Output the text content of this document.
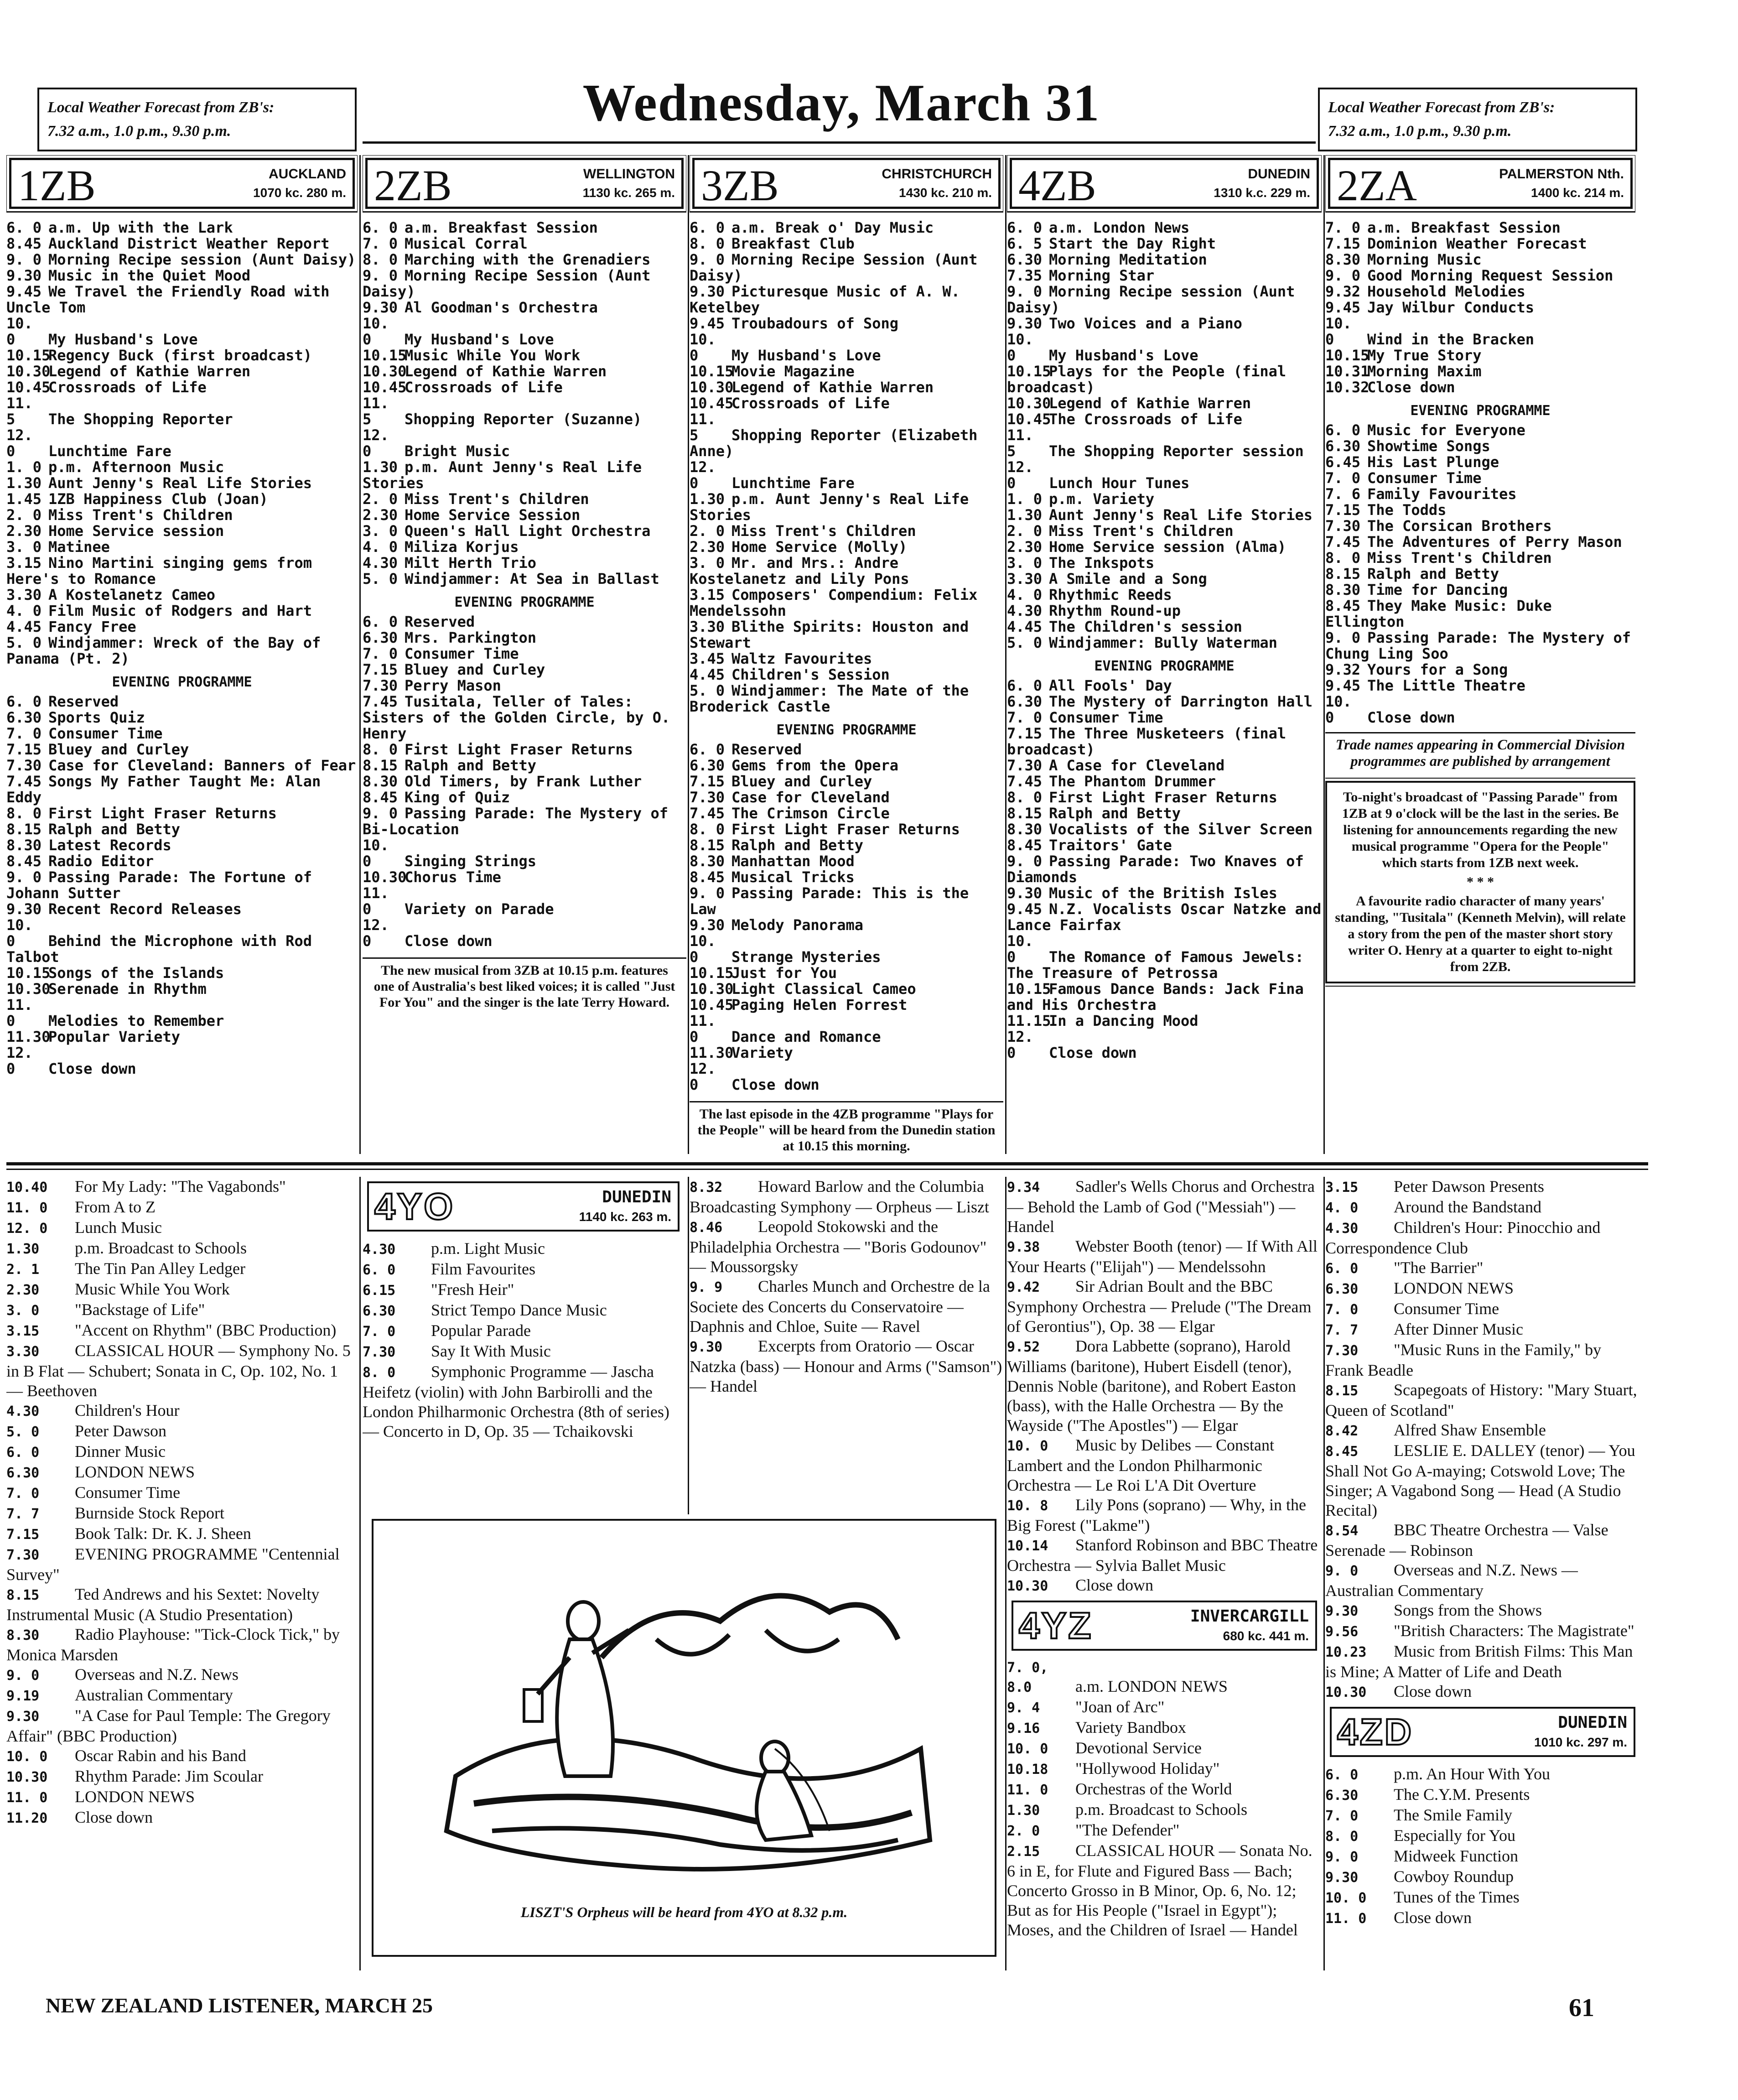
Local Weather Forecast from ZB's:
7.32 a.m., 1.0 p.m., 9.30 p.m.	Wednesday, March 31	Local Weather Forecast from ZB's:
7.32 a.m., 1.0 p.m., 9.30 p.m.
1ZB	AUCKLAND
1070 kc. 280 m.
6. 0 a.m. Up with the Lark
8.45 Auckland District Weather Report
9. 0 Morning Recipe session (Aunt Daisy)
9.30 Music in the Quiet Mood
9.45 We Travel the Friendly Road with Uncle Tom
10. 0 My Husband's Love
10.15Regency Buck (first broadcast)
10.30Legend of Kathie Warren
10.45Crossroads of Life
11. 5 The Shopping Reporter
12. 0 Lunchtime Fare
1. 0 p.m. Afternoon Music
1.30 Aunt Jenny's Real Life Stories
1.45 1ZB Happiness Club (Joan)
2. 0 Miss Trent's Children
2.30 Home Service session
3. 0 Matinee
3.15 Nino Martini singing gems from Here's to Romance
3.30 A Kostelanetz Cameo
4. 0 Film Music of Rodgers and Hart
4.45 Fancy Free
5. 0 Windjammer: Wreck of the Bay of Panama (Pt. 2)
EVENING PROGRAMME
6. 0 Reserved
6.30 Sports Quiz
7. 0 Consumer Time
7.15 Bluey and Curley
7.30 Case for Cleveland: Banners of Fear
7.45 Songs My Father Taught Me: Alan Eddy
8. 0 First Light Fraser Returns
8.15 Ralph and Betty
8.30 Latest Records
8.45 Radio Editor
9. 0 Passing Parade: The Fortune of Johann Sutter
9.30 Recent Record Releases
10. 0 Behind the Microphone with Rod Talbot
10.15Songs of the Islands
10.30Serenade in Rhythm
11. 0 Melodies to Remember
11.30Popular Variety
12. 0 Close down
2ZB	WELLINGTON
1130 kc. 265 m.
6. 0 a.m. Breakfast Session
7. 0 Musical Corral
8. 0 Marching with the Grenadiers
9. 0 Morning Recipe Session (Aunt Daisy)
9.30 Al Goodman's Orchestra
10. 0 My Husband's Love
10.15Music While You Work
10.30Legend of Kathie Warren
10.45Crossroads of Life
11. 5 Shopping Reporter (Suzanne)
12. 0 Bright Music
1.30 p.m. Aunt Jenny's Real Life Stories
2. 0 Miss Trent's Children
2.30 Home Service Session
3. 0 Queen's Hall Light Orchestra
4. 0 Miliza Korjus
4.30 Milt Herth Trio
5. 0 Windjammer: At Sea in Ballast
EVENING PROGRAMME
6. 0 Reserved
6.30 Mrs. Parkington
7. 0 Consumer Time
7.15 Bluey and Curley
7.30 Perry Mason
7.45 Tusitala, Teller of Tales: Sisters of the Golden Circle, by O. Henry
8. 0 First Light Fraser Returns
8.15 Ralph and Betty
8.30 Old Timers, by Frank Luther
8.45 King of Quiz
9. 0 Passing Parade: The Mystery of Bi-Location
10. 0 Singing Strings
10.30Chorus Time
11. 0 Variety on Parade
12. 0 Close down
The new musical from 3ZB at 10.15 p.m. features one of Australia's best liked voices; it is called "Just For You" and the singer is the late Terry Howard.
3ZB	CHRISTCHURCH
1430 kc. 210 m.
6. 0 a.m. Break o' Day Music
8. 0 Breakfast Club
9. 0 Morning Recipe Session (Aunt Daisy)
9.30 Picturesque Music of A. W. Ketelbey
9.45 Troubadours of Song
10. 0 My Husband's Love
10.15Movie Magazine
10.30Legend of Kathie Warren
10.45Crossroads of Life
11. 5 Shopping Reporter (Elizabeth Anne)
12. 0 Lunchtime Fare
1.30 p.m. Aunt Jenny's Real Life Stories
2. 0 Miss Trent's Children
2.30 Home Service (Molly)
3. 0 Mr. and Mrs.: Andre Kostelanetz and Lily Pons
3.15 Composers' Compendium: Felix Mendelssohn
3.30 Blithe Spirits: Houston and Stewart
3.45 Waltz Favourites
4.45 Children's Session
5. 0 Windjammer: The Mate of the Broderick Castle
EVENING PROGRAMME
6. 0 Reserved
6.30 Gems from the Opera
7.15 Bluey and Curley
7.30 Case for Cleveland
7.45 The Crimson Circle
8. 0 First Light Fraser Returns
8.15 Ralph and Betty
8.30 Manhattan Mood
8.45 Musical Tricks
9. 0 Passing Parade: This is the Law
9.30 Melody Panorama
10. 0 Strange Mysteries
10.15Just for You
10.30Light Classical Cameo
10.45Paging Helen Forrest
11. 0 Dance and Romance
11.30Variety
12. 0 Close down
The last episode in the 4ZB programme "Plays for the People" will be heard from the Dunedin station at 10.15 this morning.
4ZB	DUNEDIN
1310 k.c. 229 m.
6. 0 a.m. London News
6. 5 Start the Day Right
6.30 Morning Meditation
7.35 Morning Star
9. 0 Morning Recipe session (Aunt Daisy)
9.30 Two Voices and a Piano
10. 0 My Husband's Love
10.15Plays for the People (final broadcast)
10.30Legend of Kathie Warren
10.45The Crossroads of Life
11. 5 The Shopping Reporter session
12. 0 Lunch Hour Tunes
1. 0 p.m. Variety
1.30 Aunt Jenny's Real Life Stories
2. 0 Miss Trent's Children
2.30 Home Service session (Alma)
3. 0 The Inkspots
3.30 A Smile and a Song
4. 0 Rhythmic Reeds
4.30 Rhythm Round-up
4.45 The Children's session
5. 0 Windjammer: Bully Waterman
EVENING PROGRAMME
6. 0 All Fools' Day
6.30 The Mystery of Darrington Hall
7. 0 Consumer Time
7.15 The Three Musketeers (final broadcast)
7.30 A Case for Cleveland
7.45 The Phantom Drummer
8. 0 First Light Fraser Returns
8.15 Ralph and Betty
8.30 Vocalists of the Silver Screen
8.45 Traitors' Gate
9. 0 Passing Parade: Two Knaves of Diamonds
9.30 Music of the British Isles
9.45 N.Z. Vocalists Oscar Natzke and Lance Fairfax
10. 0 The Romance of Famous Jewels: The Treasure of Petrossa
10.15Famous Dance Bands: Jack Fina and His Orchestra
11.15In a Dancing Mood
12. 0 Close down
2ZA	PALMERSTON Nth.
1400 kc. 214 m.
7. 0 a.m. Breakfast Session
7.15 Dominion Weather Forecast
8.30 Morning Music
9. 0 Good Morning Request Session
9.32 Household Melodies
9.45 Jay Wilbur Conducts
10. 0 Wind in the Bracken
10.15My True Story
10.31Morning Maxim
10.32Close down
EVENING PROGRAMME
6. 0 Music for Everyone
6.30 Showtime Songs
6.45 His Last Plunge
7. 0 Consumer Time
7. 6 Family Favourites
7.15 The Todds
7.30 The Corsican Brothers
7.45 The Adventures of Perry Mason
8. 0 Miss Trent's Children
8.15 Ralph and Betty
8.30 Time for Dancing
8.45 They Make Music: Duke Ellington
9. 0 Passing Parade: The Mystery of Chung Ling Soo
9.32 Yours for a Song
9.45 The Little Theatre
10. 0 Close down
Trade names appearing in Commercial Division programmes are published by arrangement
To-night's broadcast of "Passing Parade" from 1ZB at 9 o'clock will be the last in the series. Be listening for announcements regarding the new musical programme "Opera for the People" which starts from 1ZB next week.
* * *
A favourite radio character of many years' standing, "Tusitala" (Kenneth Melvin), will relate a story from the pen of the master short story writer O. Henry at a quarter to eight to-night from 2ZB.
10.40 For My Lady: "The Vagabonds"
11. 0 From A to Z
12. 0 Lunch Music
1.30 p.m. Broadcast to Schools
2. 1 The Tin Pan Alley Ledger
2.30 Music While You Work
3. 0 "Backstage of Life"
3.15 "Accent on Rhythm" (BBC Production)
3.30 CLASSICAL HOUR — Symphony No. 5 in B Flat — Schubert; Sonata in C, Op. 102, No. 1 — Beethoven
4.30 Children's Hour
5. 0 Peter Dawson
6. 0 Dinner Music
6.30 LONDON NEWS
7. 0 Consumer Time
7. 7 Burnside Stock Report
7.15 Book Talk: Dr. K. J. Sheen
7.30 EVENING PROGRAMME "Centennial Survey"
8.15 Ted Andrews and his Sextet: Novelty Instrumental Music (A Studio Presentation)
8.30 Radio Playhouse: "Tick-Clock Tick," by Monica Marsden
9. 0 Overseas and N.Z. News
9.19 Australian Commentary
9.30 "A Case for Paul Temple: The Gregory Affair" (BBC Production)
10. 0 Oscar Rabin and his Band
10.30 Rhythm Parade: Jim Scoular
11. 0 LONDON NEWS
11.20 Close down
4YO	DUNEDIN
1140 kc. 263 m.
4.30 p.m. Light Music
6. 0 Film Favourites
6.15 "Fresh Heir"
6.30 Strict Tempo Dance Music
7. 0 Popular Parade
7.30 Say It With Music
8. 0 Symphonic Programme — Jascha Heifetz (violin) with John Barbirolli and the London Philharmonic Orchestra (8th of series) — Concerto in D, Op. 35 — Tchaikovski
8.32 Howard Barlow and the Columbia Broadcasting Symphony — Orpheus — Liszt
8.46 Leopold Stokowski and the Philadelphia Orchestra — "Boris Godounov" — Moussorgsky
9. 9 Charles Munch and Orchestre de la Societe des Concerts du Conservatoire — Daphnis and Chloe, Suite — Ravel
9.30 Excerpts from Oratorio — Oscar Natzka (bass) — Honour and Arms ("Samson") — Handel
LISZT'S Orpheus will be heard from 4YO at 8.32 p.m.
9.34 Sadler's Wells Chorus and Orchestra — Behold the Lamb of God ("Messiah") — Handel
9.38 Webster Booth (tenor) — If With All Your Hearts ("Elijah") — Mendelssohn
9.42 Sir Adrian Boult and the BBC Symphony Orchestra — Prelude ("The Dream of Gerontius"), Op. 38 — Elgar
9.52 Dora Labbette (soprano), Harold Williams (baritone), Hubert Eisdell (tenor), Dennis Noble (baritone), and Robert Easton (bass), with the Halle Orchestra — By the Wayside ("The Apostles") — Elgar
10. 0 Music by Delibes — Constant Lambert and the London Philharmonic Orchestra — Le Roi L'A Dit Overture
10. 8 Lily Pons (soprano) — Why, in the Big Forest ("Lakme")
10.14 Stanford Robinson and BBC Theatre Orchestra — Sylvia Ballet Music
10.30 Close down
4YZ	INVERCARGILL
680 kc. 441 m.
7. 0, 8.0	a.m. LONDON NEWS
9. 4 "Joan of Arc"
9.16 Variety Bandbox
10. 0 Devotional Service
10.18 "Hollywood Holiday"
11. 0 Orchestras of the World
1.30 p.m. Broadcast to Schools
2. 0 "The Defender"
2.15 CLASSICAL HOUR — Sonata No. 6 in E, for Flute and Figured Bass — Bach; Concerto Grosso in B Minor, Op. 6, No. 12; But as for His People ("Israel in Egypt"); Moses, and the Children of Israel — Handel
3.15 Peter Dawson Presents
4. 0 Around the Bandstand
4.30 Children's Hour: Pinocchio and Correspondence Club
6. 0 "The Barrier"
6.30 LONDON NEWS
7. 0 Consumer Time
7. 7 After Dinner Music
7.30 "Music Runs in the Family," by Frank Beadle
8.15 Scapegoats of History: "Mary Stuart, Queen of Scotland"
8.42 Alfred Shaw Ensemble
8.45 LESLIE E. DALLEY (tenor) — You Shall Not Go A-maying; Cotswold Love; The Singer; A Vagabond Song — Head (A Studio Recital)
8.54 BBC Theatre Orchestra — Valse Serenade — Robinson
9. 0 Overseas and N.Z. News — Australian Commentary
9.30 Songs from the Shows
9.56 "British Characters: The Magistrate"
10.23 Music from British Films: This Man is Mine; A Matter of Life and Death
10.30 Close down
4ZD	DUNEDIN
1010 kc. 297 m.
6. 0 p.m. An Hour With You
6.30 The C.Y.M. Presents
7. 0 The Smile Family
8. 0 Especially for You
9. 0 Midweek Function
9.30 Cowboy Roundup
10. 0 Tunes of the Times
11. 0 Close down
NEW ZEALAND LISTENER, MARCH 25	61
